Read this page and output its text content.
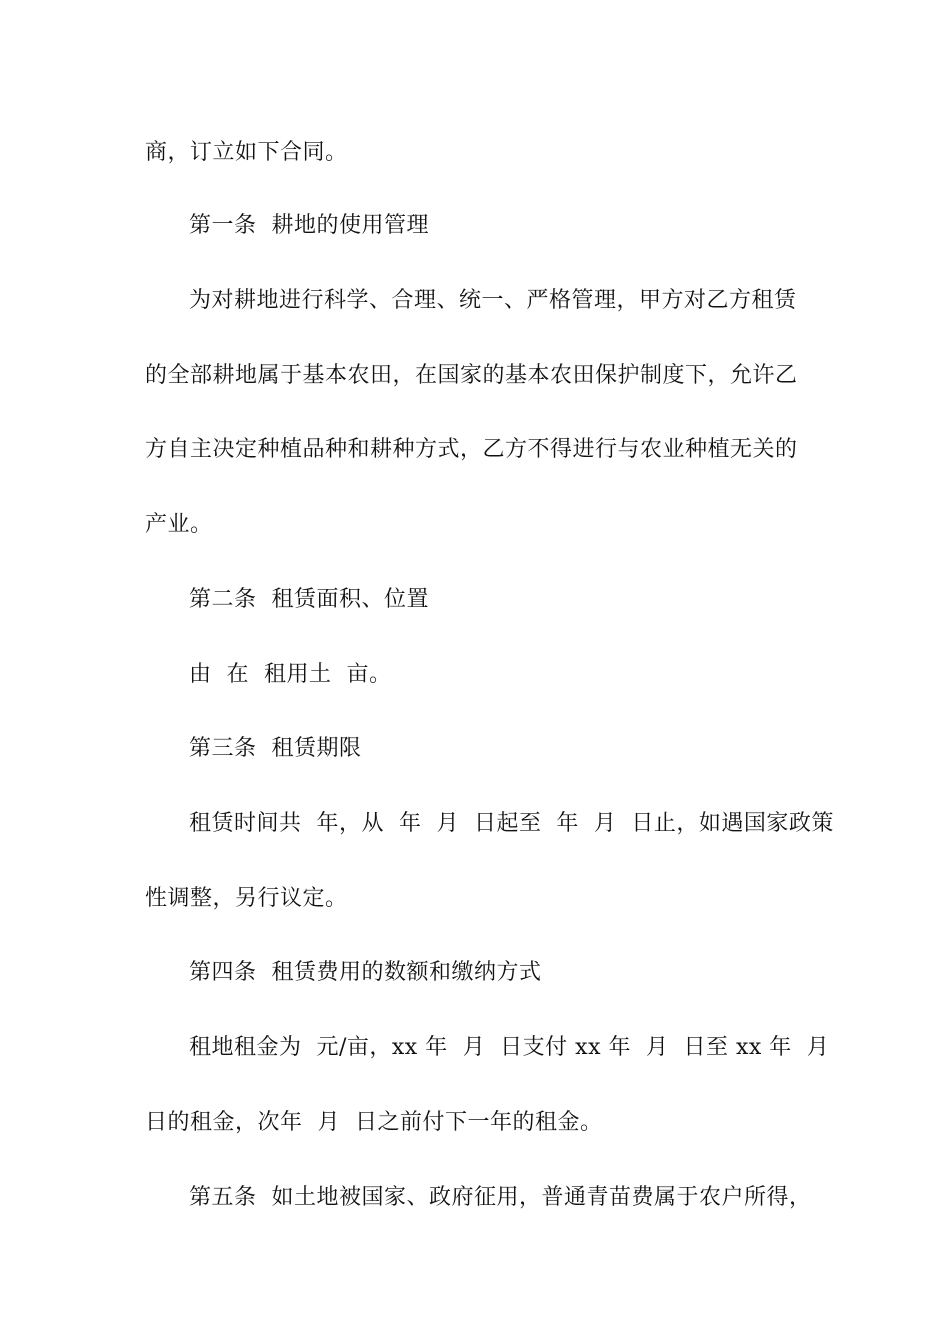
商，订立如下合同。
第一条  耕地的使用管理
为对耕地进行科学、合理、统一、严格管理，甲方对乙方租赁
的全部耕地属于基本农田，在国家的基本农田保护制度下，允许乙
方自主决定种植品种和耕种方式，乙方不得进行与农业种植无关的
产业。
第二条  租赁面积、位置
由  在  租用土  亩。
第三条  租赁期限
租赁时间共  年，从  年  月  日起至  年  月  日止，如遇国家政策
性调整，另行议定。
第四条  租赁费用的数额和缴纳方式
租地租金为  元/亩，xx 年  月  日支付 xx 年  月  日至 xx 年  月
日的租金，次年  月  日之前付下一年的租金。
第五条  如土地被国家、政府征用，普通青苗费属于农户所得，
